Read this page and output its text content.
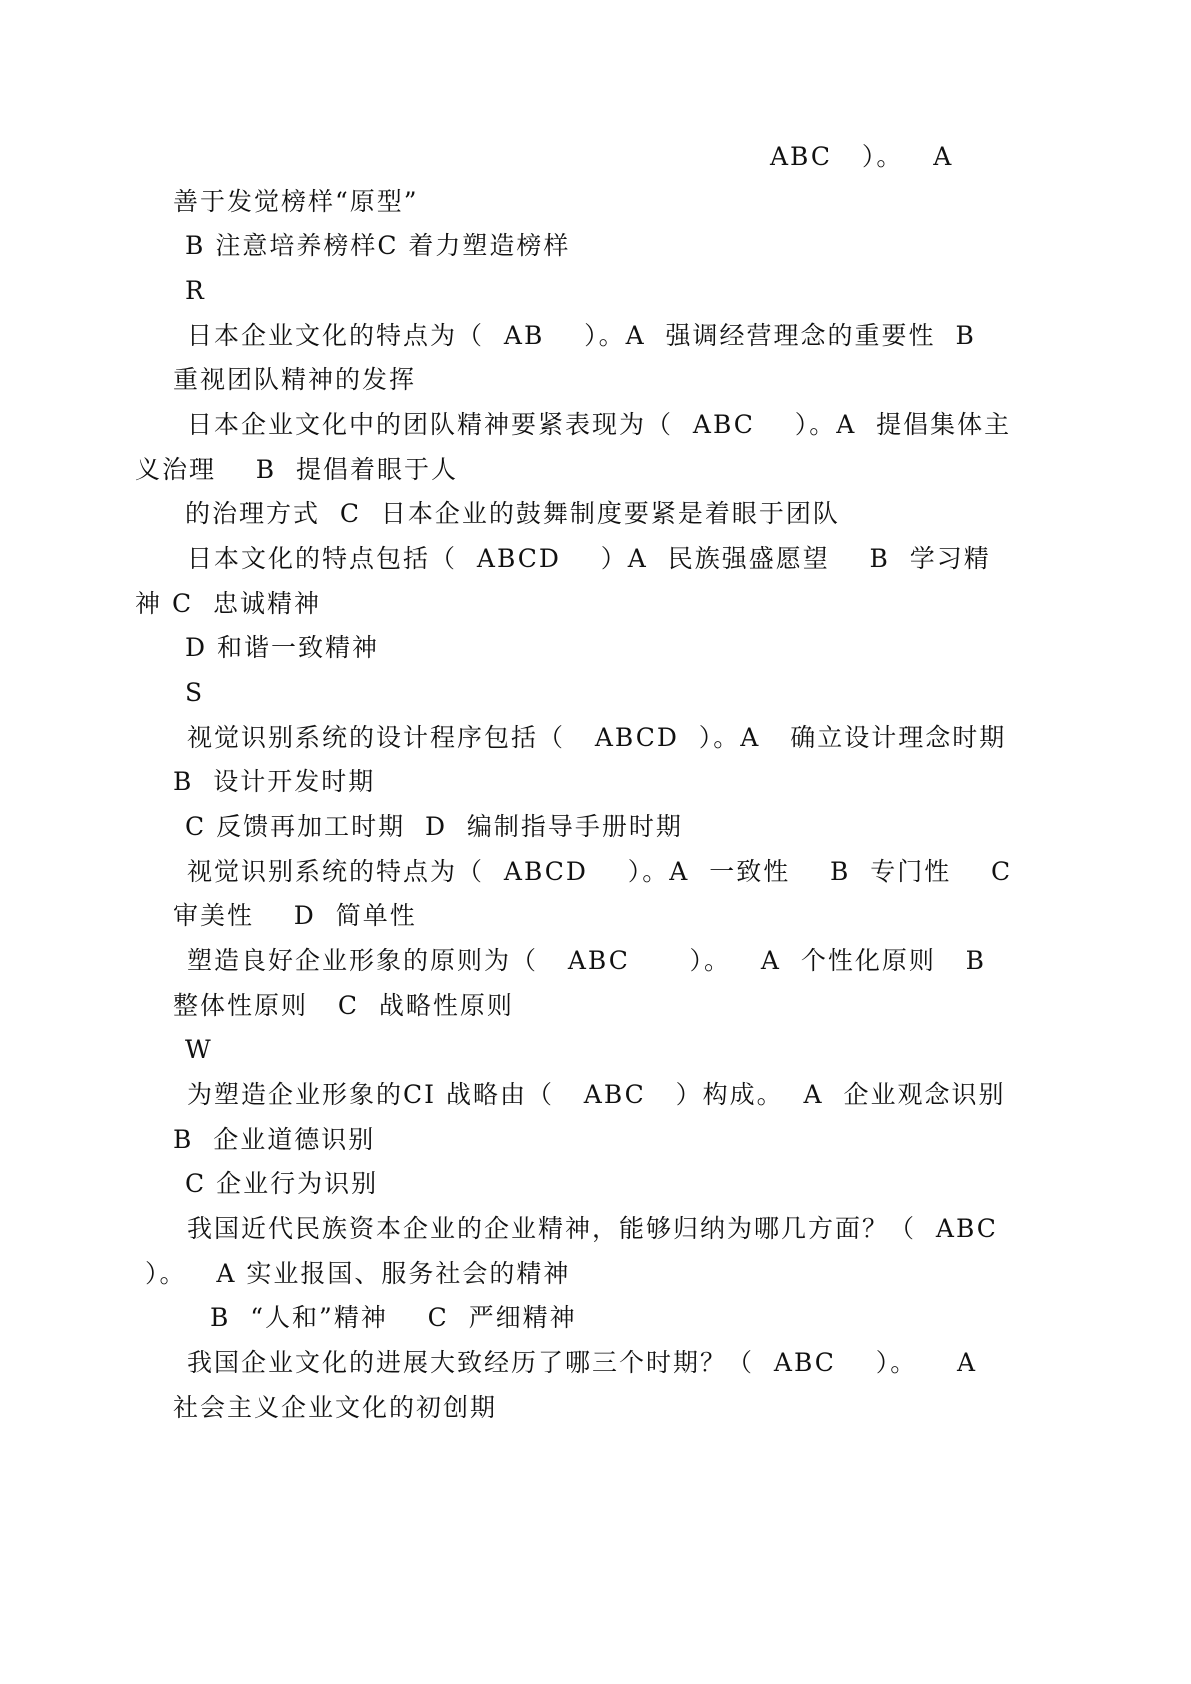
ABC   ）。   A

善于发觉榜样“原型”

B 注意培养榜样C 着力塑造榜样

R

日本企业文化的特点为（  AB    ）。A  强调经营理念的重要性  B

重视团队精神的发挥

日本企业文化中的团队精神要紧表现为（  ABC    ）。A  提倡集体主

义治理    B  提倡着眼于人

的治理方式  C  日本企业的鼓舞制度要紧是着眼于团队

日本文化的特点包括（  ABCD    ）A  民族强盛愿望    B  学习精

神 C  忠诚精神

D 和谐一致精神

S

视觉识别系统的设计程序包括（   ABCD  ）。A   确立设计理念时期

B  设计开发时期

C 反馈再加工时期  D  编制指导手册时期

视觉识别系统的特点为（  ABCD    ）。A  一致性    B  专门性    C

审美性    D  简单性

塑造良好企业形象的原则为（   ABC      ）。   A  个性化原则   B

整体性原则   C  战略性原则

W

为塑造企业形象的CI 战略由（   ABC   ）构成。  A  企业观念识别

B  企业道德识别

C 企业行为识别

我国近代民族资本企业的企业精神，能够归纳为哪几方面？（  ABC

）。   A 实业报国、服务社会的精神

B  “人和”精神    C  严细精神

我国企业文化的进展大致经历了哪三个时期？（  ABC    ）。    A

社会主义企业文化的初创期
